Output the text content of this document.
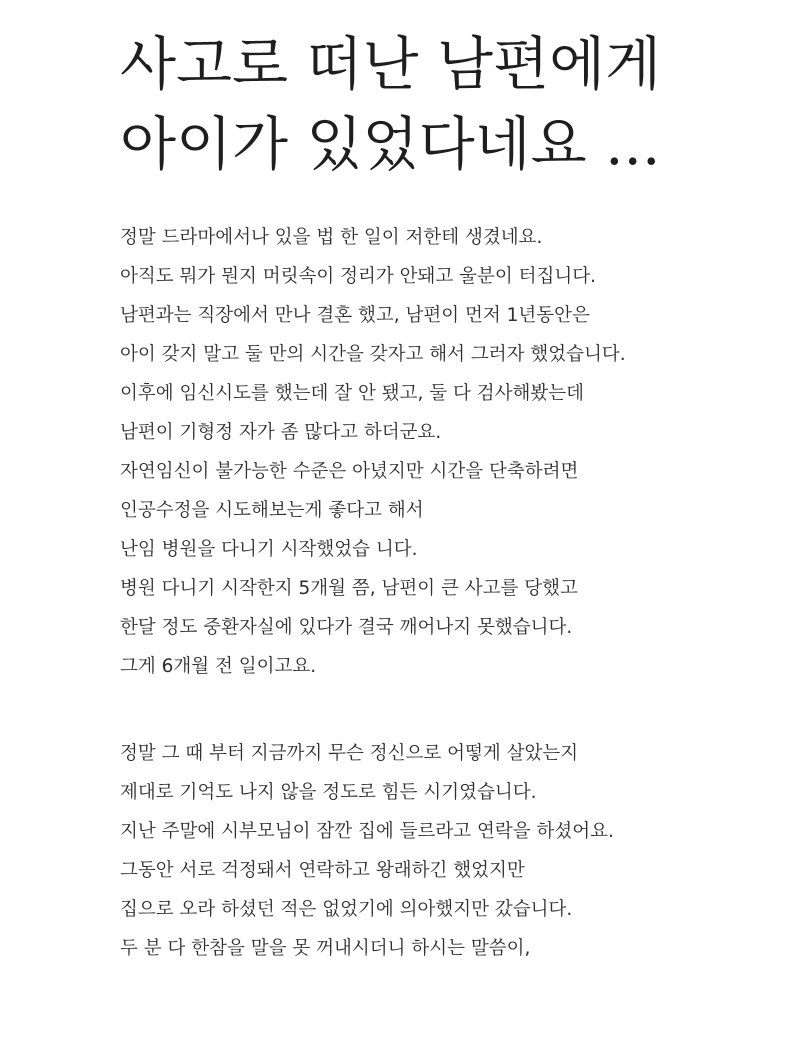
사고로 떠난 남편에게
아이가 있었다네요 ...
정말 드라마에서나 있을 법 한 일이 저한테 생겼네요.
아직도 뭐가 뭔지 머릿속이 정리가 안돼고 울분이 터집니다.
남편과는 직장에서 만나 결혼 했고, 남편이 먼저 1년동안은
아이 갖지 말고 둘 만의 시간을 갖자고 해서 그러자 했었습니다.
이후에 임신시도를 했는데 잘 안 됐고, 둘 다 검사해봤는데
남편이 기형정 자가 좀 많다고 하더군요.
자연임신이 불가능한 수준은 아녔지만 시간을 단축하려면
인공수정을 시도해보는게 좋다고 해서
난임 병원을 다니기 시작했었습 니다.
병원 다니기 시작한지 5개월 쯤, 남편이 큰 사고를 당했고
한달 정도 중환자실에 있다가 결국 깨어나지 못했습니다.
그게 6개월 전 일이고요.
정말 그 때 부터 지금까지 무슨 정신으로 어떻게 살았는지
제대로 기억도 나지 않을 정도로 힘든 시기였습니다.
지난 주말에 시부모님이 잠깐 집에 들르라고 연락을 하셨어요.
그동안 서로 걱정돼서 연락하고 왕래하긴 했었지만
집으로 오라 하셨던 적은 없었기에 의아했지만 갔습니다.
두 분 다 한참을 말을 못 꺼내시더니 하시는 말씀이,
